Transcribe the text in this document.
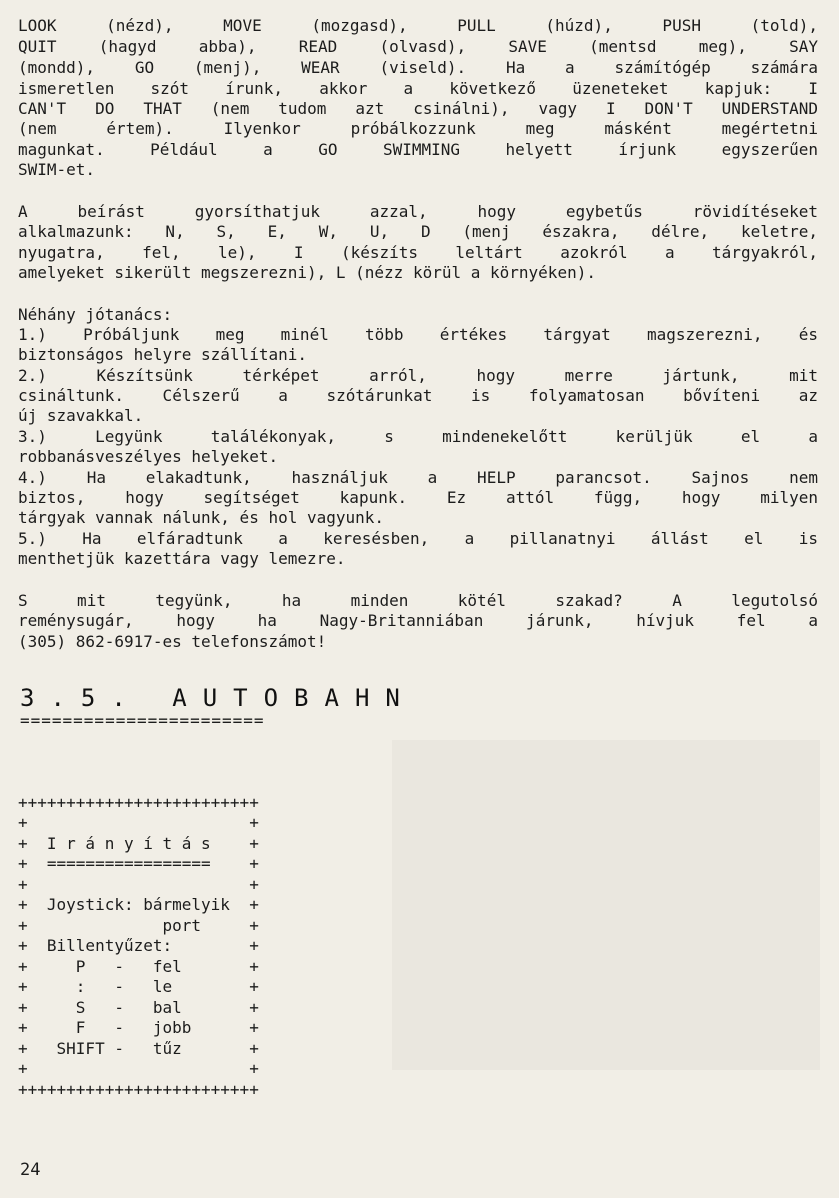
LOOK (nézd), MOVE (mozgasd), PULL (húzd), PUSH (told),
QUIT (hagyd abba), READ (olvasd), SAVE (mentsd meg), SAY
(mondd), GO (menj), WEAR (viseld). Ha a számítógép számára
ismeretlen szót írunk, akkor a következő üzeneteket kapjuk: I
CAN'T DO THAT (nem tudom azt csinálni), vagy I DON'T UNDERSTAND
(nem értem). Ilyenkor próbálkozzunk meg másként megértetni
magunkat. Például a GO SWIMMING helyett írjunk egyszerűen
SWIM-et.
A beírást gyorsíthatjuk azzal, hogy egybetűs rövidítéseket
alkalmazunk: N, S, E, W, U, D (menj északra, délre, keletre,
nyugatra, fel, le), I (készíts leltárt azokról a tárgyakról,
amelyeket sikerült megszerezni), L (nézz körül a környéken).
Néhány jótanács:
1.) Próbáljunk meg minél több értékes tárgyat magszerezni, és
biztonságos helyre szállítani.
2.) Készítsünk térképet arról, hogy merre jártunk, mit
csináltunk. Célszerű a szótárunkat is folyamatosan bővíteni az
új szavakkal.
3.) Legyünk találékonyak, s mindenekelőtt kerüljük el a
robbanásveszélyes helyeket.
4.) Ha elakadtunk, használjuk a HELP parancsot. Sajnos nem
biztos, hogy segítséget kapunk. Ez attól függ, hogy milyen
tárgyak vannak nálunk, és hol vagyunk.
5.) Ha elfáradtunk a keresésben, a pillanatnyi állást el is
menthetjük kazettára vagy lemezre.
S mit tegyünk, ha minden kötél szakad? A legutolsó
reménysugár, hogy ha Nagy-Britanniában járunk, hívjuk fel a
(305) 862-6917-es telefonszámot!
3.5. AUTOBAHN
=======================
+++++++++++++++++++++++++
+                       +
+  I r á n y í t á s    +
+  =================    +
+                       +
+  Joystick: bármelyik  +
+              port     +
+  Billentyűzet:        +
+     P   -   fel       +
+     :   -   le        +
+     S   -   bal       +
+     F   -   jobb      +
+   SHIFT -   tűz       +
+                       +
+++++++++++++++++++++++++
24
